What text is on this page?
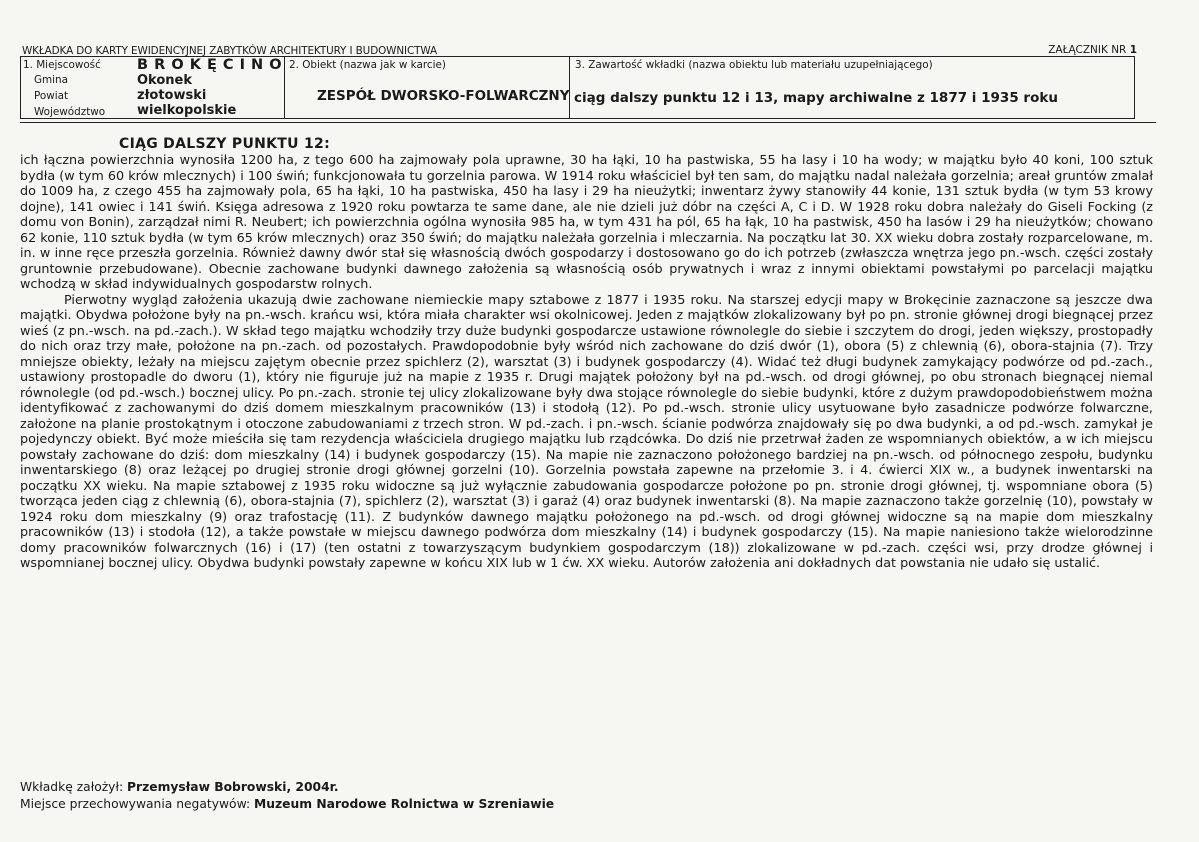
WKŁADKA DO KARTY EWIDENCYJNEJ ZABYTKÓW ARCHITEKTURY I BUDOWNICTWA	ZAŁĄCZNIK NR 1
1. Miejscowość
Gmina
Powiat
Województwo
B R O K Ę C I N O
Okonek
złotowski
wielkopolskie
2. Obiekt (nazwa jak w karcie)
ZESPÓŁ DWORSKO-FOLWARCZNY
3. Zawartość wkładki (nazwa obiektu lub materiału uzupełniającego)
ciąg dalszy punktu 12 i 13, mapy archiwalne z 1877 i 1935 roku
CIĄG DALSZY PUNKTU 12:

ich łączna powierzchnia wynosiła 1200 ha, z tego 600 ha zajmowały pola uprawne, 30 ha łąki, 10 ha pastwiska, 55 ha lasy i 10 ha wody; w majątku było 40 koni, 100 sztuk bydła (w tym 60 krów mlecznych) i 100 świń; funkcjonowała tu gorzelnia parowa. W 1914 roku właściciel był ten sam, do majątku nadal należała gorzelnia; areał gruntów zmalał do 1009 ha, z czego 455 ha zajmowały pola, 65 ha łąki, 10 ha pastwiska, 450 ha lasy i 29 ha nieużytki; inwentarz żywy stanowiły 44 konie, 131 sztuk bydła (w tym 53 krowy dojne), 141 owiec i 141 świń. Księga adresowa z 1920 roku powtarza te same dane, ale nie dzieli już dóbr na części A, C i D. W 1928 roku dobra należały do Giseli Focking (z domu von Bonin), zarządzał nimi R. Neubert; ich powierzchnia ogólna wynosiła 985 ha, w tym 431 ha pól, 65 ha łąk, 10 ha pastwisk, 450 ha lasów i 29 ha nieużytków; chowano 62 konie, 110 sztuk bydła (w tym 65 krów mlecznych) oraz 350 świń; do majątku należała gorzelnia i mleczarnia. Na początku lat 30. XX wieku dobra zostały rozparcelowane, m. in. w inne ręce przeszła gorzelnia. Również dawny dwór stał się własnością dwóch gospodarzy i dostosowano go do ich potrzeb (zwłaszcza wnętrza jego pn.-wsch. części zostały gruntownie przebudowane). Obecnie zachowane budynki dawnego założenia są własnością osób prywatnych i wraz z innymi obiektami powstałymi po parcelacji majątku wchodzą w skład indywidualnych gospodarstw rolnych.

Pierwotny wygląd założenia ukazują dwie zachowane niemieckie mapy sztabowe z 1877 i 1935 roku. Na starszej edycji mapy w Brokęcinie zaznaczone są jeszcze dwa majątki. Obydwa położone były na pn.-wsch. krańcu wsi, która miała charakter wsi okolnicowej. Jeden z majątków zlokalizowany był po pn. stronie głównej drogi biegnącej przez wieś (z pn.-wsch. na pd.-zach.). W skład tego majątku wchodziły trzy duże budynki gospodarcze ustawione równolegle do siebie i szczytem do drogi, jeden większy, prostopadły do nich oraz trzy małe, położone na pn.-zach. od pozostałych. Prawdopodobnie były wśród nich zachowane do dziś dwór (1), obora (5) z chlewnią (6), obora-stajnia (7). Trzy mniejsze obiekty, leżały na miejscu zajętym obecnie przez spichlerz (2), warsztat (3) i budynek gospodarczy (4). Widać też długi budynek zamykający podwórze od pd.-zach., ustawiony prostopadle do dworu (1), który nie figuruje już na mapie z 1935 r. Drugi majątek położony był na pd.-wsch. od drogi głównej, po obu stronach biegnącej niemal równolegle (od pd.-wsch.) bocznej ulicy. Po pn.-zach. stronie tej ulicy zlokalizowane były dwa stojące równolegle do siebie budynki, które z dużym prawdopodobieństwem można identyfikować z zachowanymi do dziś domem mieszkalnym pracowników (13) i stodołą (12). Po pd.-wsch. stronie ulicy usytuowane było zasadnicze podwórze folwarczne, założone na planie prostokątnym i otoczone zabudowaniami z trzech stron. W pd.-zach. i pn.-wsch. ścianie podwórza znajdowały się po dwa budynki, a od pd.-wsch. zamykał je pojedynczy obiekt. Być może mieściła się tam rezydencja właściciela drugiego majątku lub rządcówka. Do dziś nie przetrwał żaden ze wspomnianych obiektów, a w ich miejscu powstały zachowane do dziś: dom mieszkalny (14) i budynek gospodarczy (15). Na mapie nie zaznaczono położonego bardziej na pn.-wsch. od północnego zespołu, budynku inwentarskiego (8) oraz leżącej po drugiej stronie drogi głównej gorzelni (10). Gorzelnia powstała zapewne na przełomie 3. i 4. ćwierci XIX w., a budynek inwentarski na początku XX wieku. Na mapie sztabowej z 1935 roku widoczne są już wyłącznie zabudowania gospodarcze położone po pn. stronie drogi głównej, tj. wspomniane obora (5) tworząca jeden ciąg z chlewnią (6), obora-stajnia (7), spichlerz (2), warsztat (3) i garaż (4) oraz budynek inwentarski (8). Na mapie zaznaczono także gorzelnię (10), powstały w 1924 roku dom mieszkalny (9) oraz trafostację (11). Z budynków dawnego majątku położonego na pd.-wsch. od drogi głównej widoczne są na mapie dom mieszkalny pracowników (13) i stodoła (12), a także powstałe w miejscu dawnego podwórza dom mieszkalny (14) i budynek gospodarczy (15). Na mapie naniesiono także wielorodzinne domy pracowników folwarcznych (16) i (17) (ten ostatni z towarzyszącym budynkiem gospodarczym (18)) zlokalizowane w pd.-zach. części wsi, przy drodze głównej i wspomnianej bocznej ulicy. Obydwa budynki powstały zapewne w końcu XIX lub w 1 ćw. XX wieku. Autorów założenia ani dokładnych dat powstania nie udało się ustalić.

Wkładkę założył: Przemysław Bobrowski, 2004r.
Miejsce przechowywania negatywów: Muzeum Narodowe Rolnictwa w Szreniawie
